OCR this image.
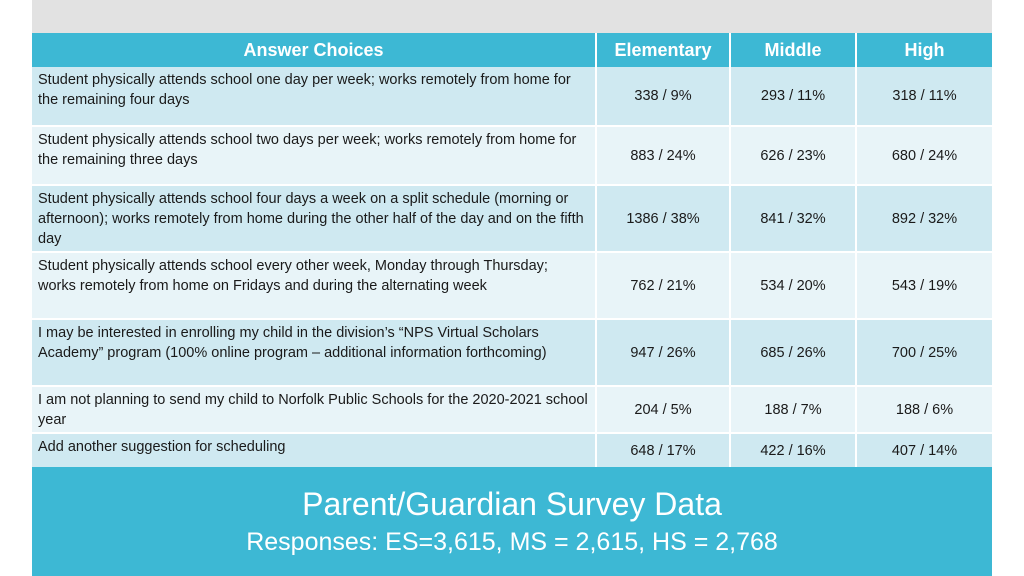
Answer Choices	Elementary	Middle	High
Student physically attends school one day per week; works remotely from home for the remaining four days	338 / 9%	293 / 11%	318 / 11%
Student physically attends school two days per week; works remotely from home for the remaining three days	883 / 24%	626 / 23%	680 / 24%
Student physically attends school four days a week on a split schedule (morning or afternoon); works remotely from home during the other half of the day and on the fifth day	1386 / 38%	841 / 32%	892 / 32%
Student physically attends school every other week, Monday through Thursday; works remotely from home on Fridays and during the alternating week	762 / 21%	534 / 20%	543 / 19%
I may be interested in enrolling my child in the division’s “NPS Virtual Scholars Academy” program (100% online program – additional information forthcoming)	947 / 26%	685 / 26%	700 / 25%
I am not planning to send my child to Norfolk Public Schools for the 2020-2021 school year	204 / 5%	188 / 7%	188 / 6%
Add another suggestion for scheduling	648 / 17%	422 / 16%	407 / 14%
Parent/Guardian Survey Data
Responses: ES=3,615, MS = 2,615, HS = 2,768
